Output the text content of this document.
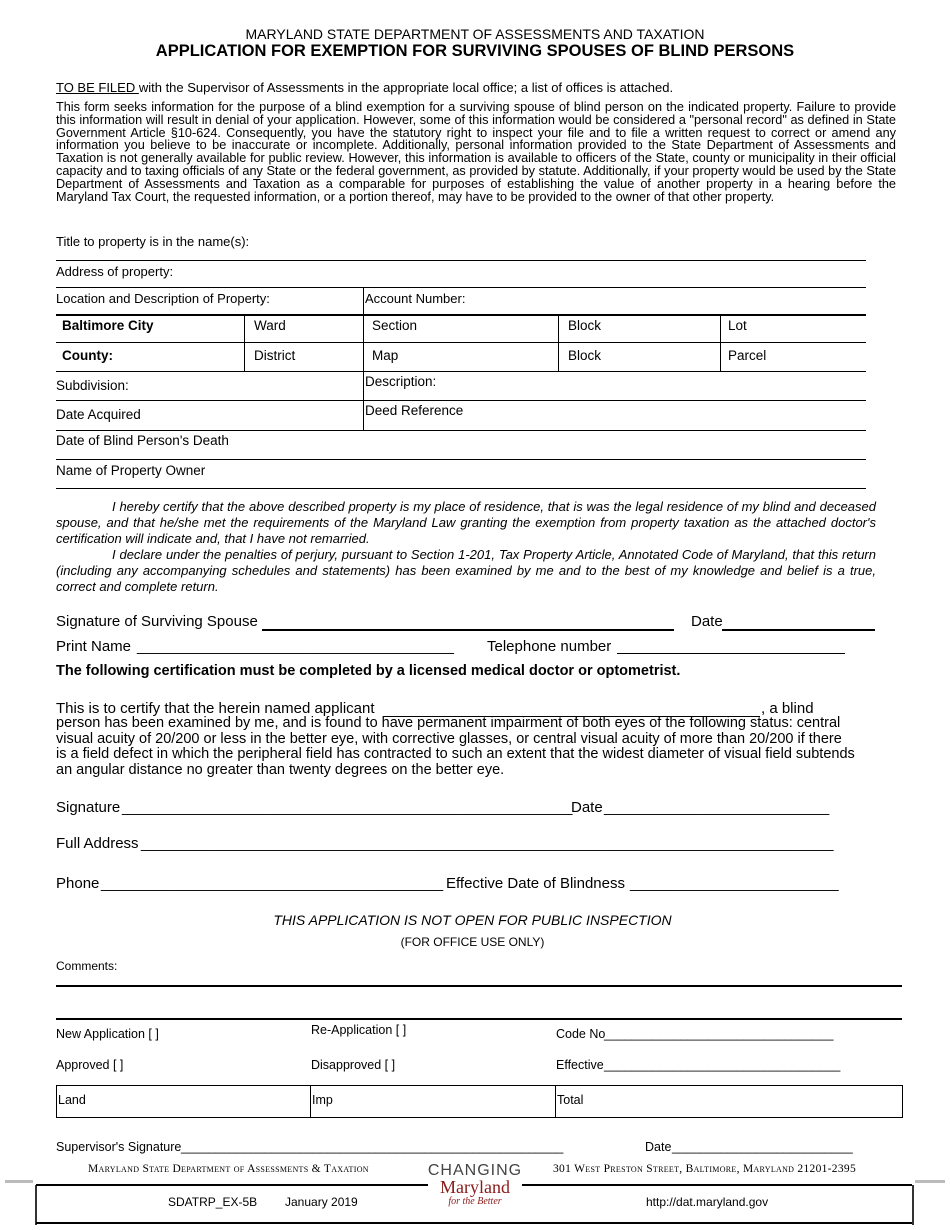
MARYLAND STATE DEPARTMENT OF ASSESSMENTS AND TAXATION
APPLICATION FOR EXEMPTION FOR SURVIVING SPOUSES OF BLIND PERSONS
TO BE FILED with the Supervisor of Assessments in the appropriate local office; a list of offices is attached.
This form seeks information for the purpose of a blind exemption for a surviving spouse of blind person on the indicated property. Failure to provide this information will result in denial of your application. However, some of this information would be considered a "personal record" as defined in State Government Article §10-624. Consequently, you have the statutory right to inspect your file and to file a written request to correct or amend any information you believe to be inaccurate or incomplete. Additionally, personal information provided to the State Department of Assessments and Taxation is not generally available for public review. However, this information is available to officers of the State, county or municipality in their official capacity and to taxing officials of any State or the federal government, as provided by statute. Additionally, if your property would be used by the State Department of Assessments and Taxation as a comparable for purposes of establishing the value of another property in a hearing before the Maryland Tax Court, the requested information, or a portion thereof, may have to be provided to the owner of that other property.
Title to property is in the name(s):
Address of property:
Location and Description of Property:	Account Number:
Baltimore City	Ward	Section	Block	Lot
County:	District	Map	Block	Parcel
Subdivision:	Description:
Date Acquired	Deed Reference
Date of Blind Person's Death
Name of Property Owner
I hereby certify that the above described property is my place of residence, that is was the legal residence of my blind and deceased spouse, and that he/she met the requirements of the Maryland Law granting the exemption from property taxation as the attached doctor's certification will indicate and, that I have not remarried.
I declare under the penalties of perjury, pursuant to Section 1-201, Tax Property Article, Annotated Code of Maryland, that this return (including any accompanying schedules and statements) has been examined by me and to the best of my knowledge and belief is a true, correct and complete return.
Signature of Surviving Spouse	Date
Print Name ______________________________________ Telephone number
The following certification must be completed by a licensed medical doctor or optometrist.
This is to certify that the herein named applicant	, a blind
person has been examined by me, and is found to have permanent impairment of both eyes of the following status: central visual acuity of 20/200 or less in the better eye, with corrective glasses, or central visual acuity of more than 20/200 if there is a field defect in which the peripheral field has contracted to such an extent that the widest diameter of visual field subtends an angular distance no greater than twenty degrees on the better eye.
Signature ______________________________________________________
Date ___________________________
Full Address ___________________________________________________________________________________
Phone _________________________________________ Effective Date of Blindness _________________________
THIS APPLICATION IS NOT OPEN FOR PUBLIC INSPECTION
(FOR OFFICE USE ONLY)
Comments:
New Application [ ]	Re-Application [ ]	Code No
_________________________________
Approved [ ]	Disapproved [ ]	Effective __________________________________
Land	Imp	Total
Supervisor's Signature _______________________________________________________	Date __________________________
Maryland State Department of Assessments & Taxation	301 West Preston Street, Baltimore, Maryland 21201-2395
CHANGING
Maryland
for the Better
SDATRP_EX-5B January 2019	http://dat.maryland.gov
